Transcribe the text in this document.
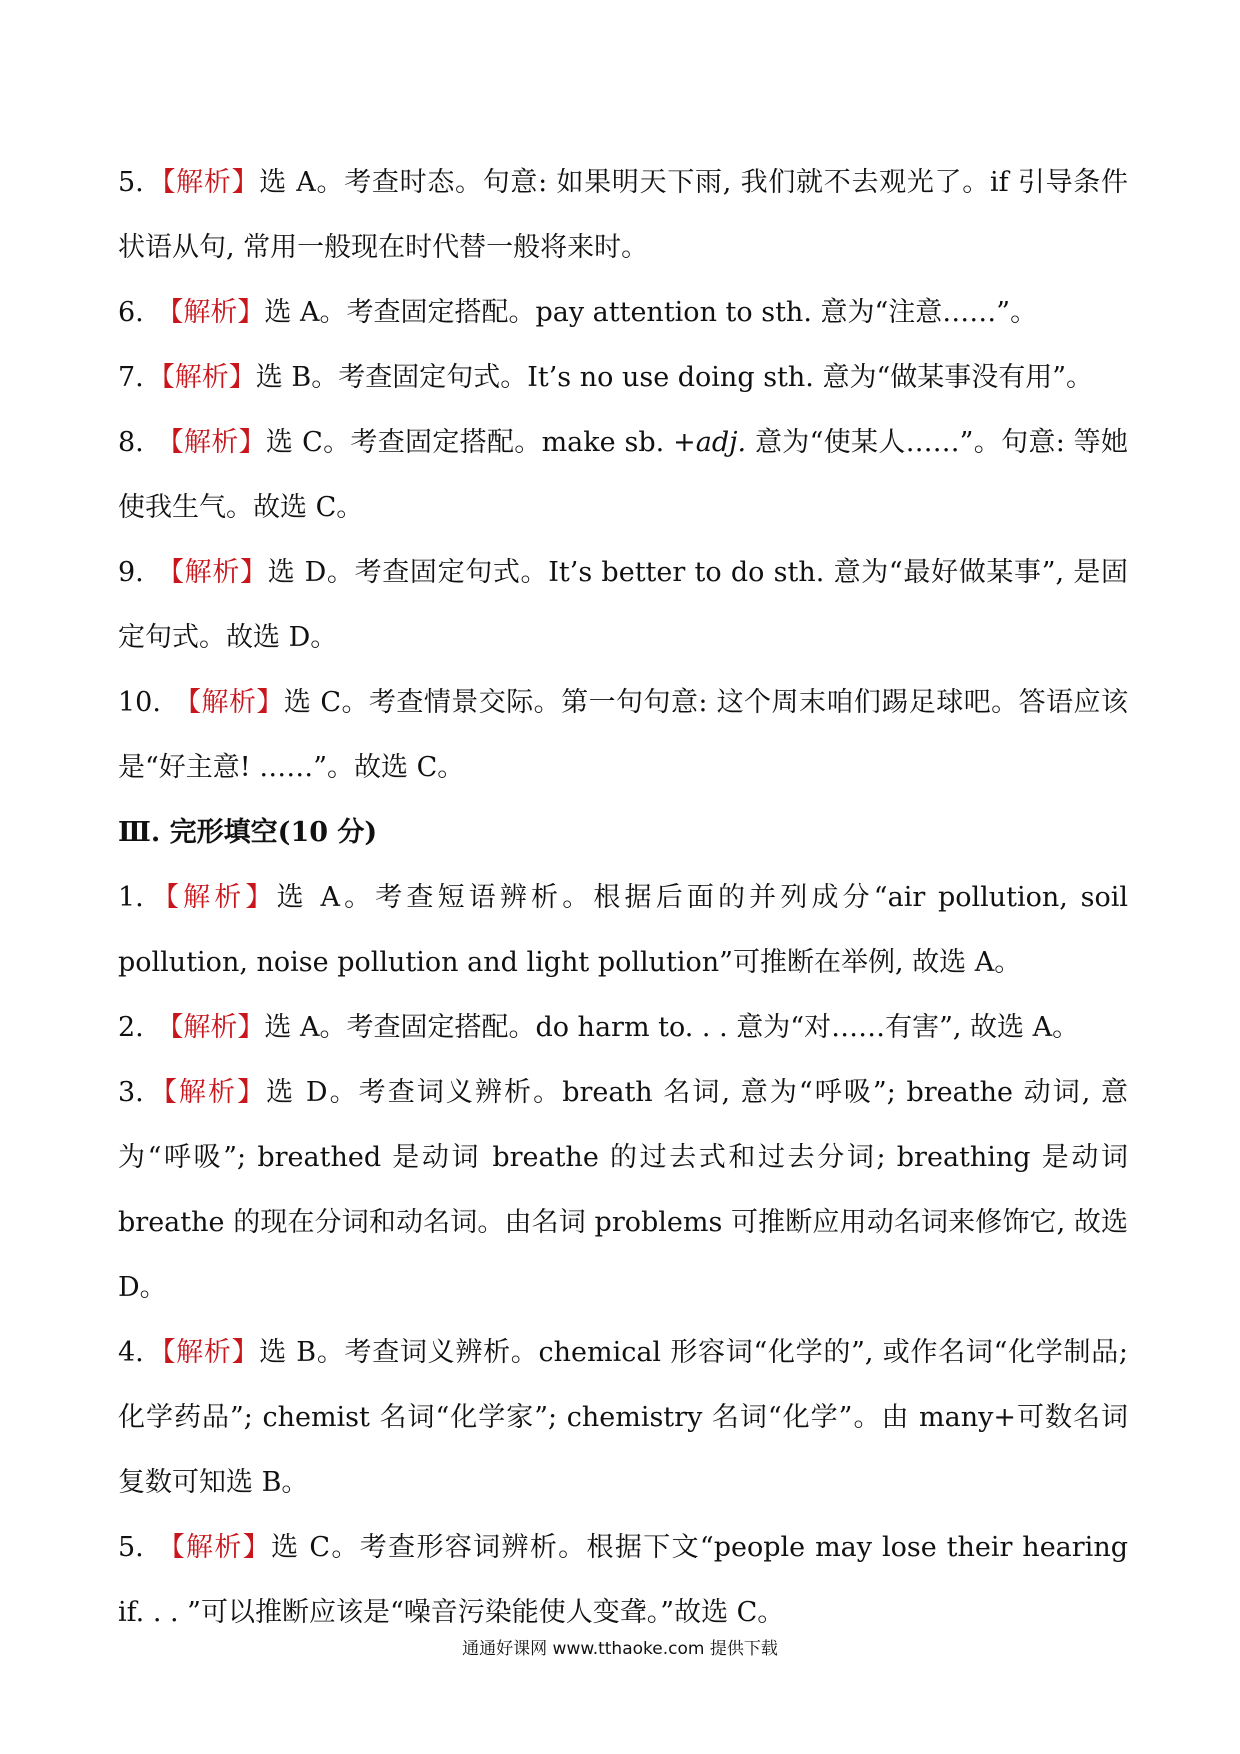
5. 【解析】选 A。考查时态。句意: 如果明天下雨, 我们就不去观光了。if 引导条件状语从句, 常用一般现在时代替一般将来时。

6. 【解析】选 A。考查固定搭配。pay attention to sth. 意为“注意……”。

7. 【解析】选 B。考查固定句式。It’s no use doing sth. 意为“做某事没有用”。

8. 【解析】选 C。考查固定搭配。make sb. +adj. 意为“使某人……”。句意: 等她使我生气。故选 C。

9. 【解析】选 D。考查固定句式。It’s better to do sth. 意为“最好做某事”, 是固定句式。故选 D。

10. 【解析】选 C。考查情景交际。第一句句意: 这个周末咱们踢足球吧。答语应该是“好主意! ……”。故选 C。

Ⅲ. 完形填空(10 分)

1. 【解析】选 A。考查短语辨析。根据后面的并列成分“air pollution, soil pollution, noise pollution and light pollution”可推断在举例, 故选 A。

2. 【解析】选 A。考查固定搭配。do harm to. . . 意为“对……有害”, 故选 A。

3. 【解析】选 D。考查词义辨析。breath 名词, 意为“呼吸”; breathe 动词, 意为“呼吸”; breathed 是动词 breathe 的过去式和过去分词; breathing 是动词 breathe 的现在分词和动名词。由名词 problems 可推断应用动名词来修饰它, 故选 D。

4. 【解析】选 B。考查词义辨析。chemical 形容词“化学的”, 或作名词“化学制品; 化学药品”; chemist 名词“化学家”; chemistry 名词“化学”。由 many+可数名词复数可知选 B。

5. 【解析】选 C。考查形容词辨析。根据下文“people may lose their hearing if. . . ”可以推断应该是“噪音污染能使人变聋。”故选 C。

通通好课网 www.tthaoke.com 提供下载
